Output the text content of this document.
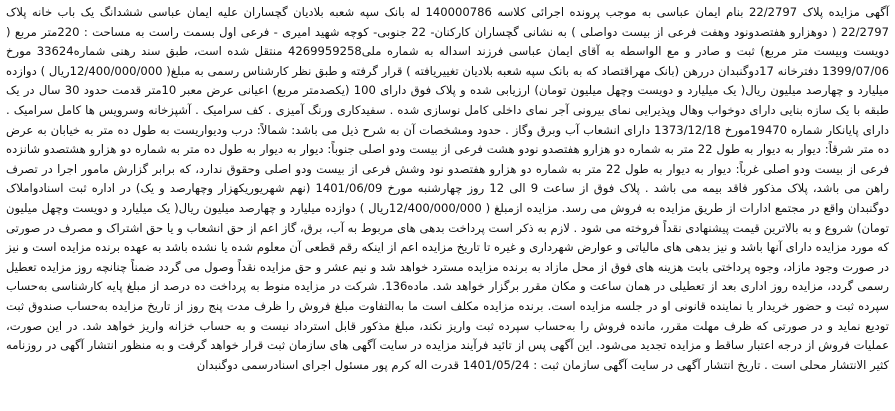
آگهی مزایده پلاک 22/2797 بنام ایمان عباسی به موجب پرونده اجرائی کلاسه 140000786 له بانک سپه شعبه بلادیان گچساران علیه ایمان عباسی ششدانگ یک باب خانه پلاک 22/2797 ( دوهزارو هفتصدونود وهفت فرعی از بیست دواصلی ) به نشانی گچساران کارکنان- 22 جنوبی- کوچه شهید امیری - فرعی اول بسمت راست به مساحت : 220متر مربع ( دویست وبیست متر مربع) ثبت و صادر و مع الواسطه به آقای ایمان عباسی فرزند اسداله به شماره ملی4269959258 منتقل شده است، طبق سند رهنی شماره33624 مورخ 1399/07/06 دفترخانه 17دوگنبدان دررهن (بانک مهراقتصاد که به بانک سپه شعبه بلادیان تغییریافته ) قرار گرفته و طبق نظر کارشناس رسمی به مبلغ( 12/400/000/000ریال ) دوازده میلیارد و چهارصد میلیون ریال( یک میلیارد و دویست وچهل میلیون تومان) ارزیابی شده و پلاک فوق دارای 100 (یکصدمتر مربع) اعیانی عرض معبر 10متر قدمت حدود 30 سال در یک طبقه با یک سازه بنایی دارای دوخواب وهال وپذیرایی نمای بیرونی آجر نمای داخلی کامل نوسازی شده . سفیدکاری ورنگ آمیزی . کف سرامیک . آشپزخانه وسرویس ها کامل سرامیک . دارای پایانکار شماره 19470مورخ 1373/12/18 دارای انشعاب آب وبرق وگاز . حدود ومشخصات آن به شرح ذیل می باشد: شمالاً: درب وديواريست به طول ده متر به خیابان به عرض ده متر شرقاً: دیوار به دیوار به طول 22 متر به شماره دو هزارو هفتصدو نودو هشت فرعی از بیست ودو اصلی جنوباً: دیوار به دیوار به طول ده متر به شماره دو هزارو هشتصدو شانزده فرعی از بیست ودو اصلی غرباً: دیوار به دیوار به طول 22 متر به شماره دو هزارو هفتصدو نود وشش فرعی از بیست ودو اصلی وحقوق ندارد، که برابر گزارش مامور اجرا در تصرف راهن می باشد، پلاک مذکور فاقد بیمه می باشد . پلاک فوق از ساعت 9 الی 12 روز چهارشنبه مورخ 1401/06/09 (نهم شهریوریکهزار وچهارصد و یک) در اداره ثبت اسنادواملاک دوگنبدان واقع در مجتمع ادارات از طریق مزایده به فروش می رسد. مزایده ازمبلغ ( 12/400/000/000ریال ) دوازده میلیارد و چهارصد میلیون ریال( یک میلیارد و دویست وچهل میلیون تومان) شروع و به بالاترین قیمت پیشنهادی نقداً فروخته می شود . لازم به ذکر است پرداخت بدهی های مربوط به آب، برق، گاز اعم از حق انشعاب و یا حق اشتراک و مصرف در صورتی که مورد مزایده دارای آنها باشد و نیز بدهی های مالیاتی و عوارض شهرداری و غیره تا تاریخ مزایده اعم از اینکه رقم قطعی آن معلوم شده یا نشده باشد به عهده برنده مزایده است و نیز در صورت وجود مازاد، وجوه پرداختی بابت هزینه های فوق از محل مازاد به برنده مزایده مسترد خواهد شد و نیم عشر و حق مزایده نقداً وصول می گردد ضمناً چنانچه روز مزایده تعطیل رسمی گردد، مزایده روز اداری بعد از تعطیلی در همان ساعت و مکان مقرر برگزار خواهد شد. ماده136. شرکت در مزایده منوط به پرداخت ده درصد از مبلغ پایه کارشناسی به‌حساب سپرده ثبت و حضور خریدار یا نماینده قانونی او در جلسه مزایده است. برنده مزایده مکلف است ما به‌التفاوت مبلغ فروش را ظرف مدت پنج روز از تاریخ مزایده به‌حساب صندوق ثبت تودیع نماید و در صورتی که ظرف مهلت مقرر، مانده فروش را به‌حساب سپرده ثبت واریز نکند، مبلغ مذکور قابل استرداد نیست و به حساب خزانه واریز خواهد شد. در این صورت، عملیات فروش از درجه اعتبار ساقط و مزایده تجدید می‌شود. این آگهی پس از تائید فرآیند مزایده در سایت آگهی های سازمان ثبت قرار خواهد گرفت و به منظور انتشار آگهی در روزنامه کثیر الانتشار محلی است . تاریخ انتشار آگهی در سایت آگهی سازمان ثبت : 1401/05/24 قدرت اله کرم پور مسئول اجرای اسنادرسمی دوگنبدان
